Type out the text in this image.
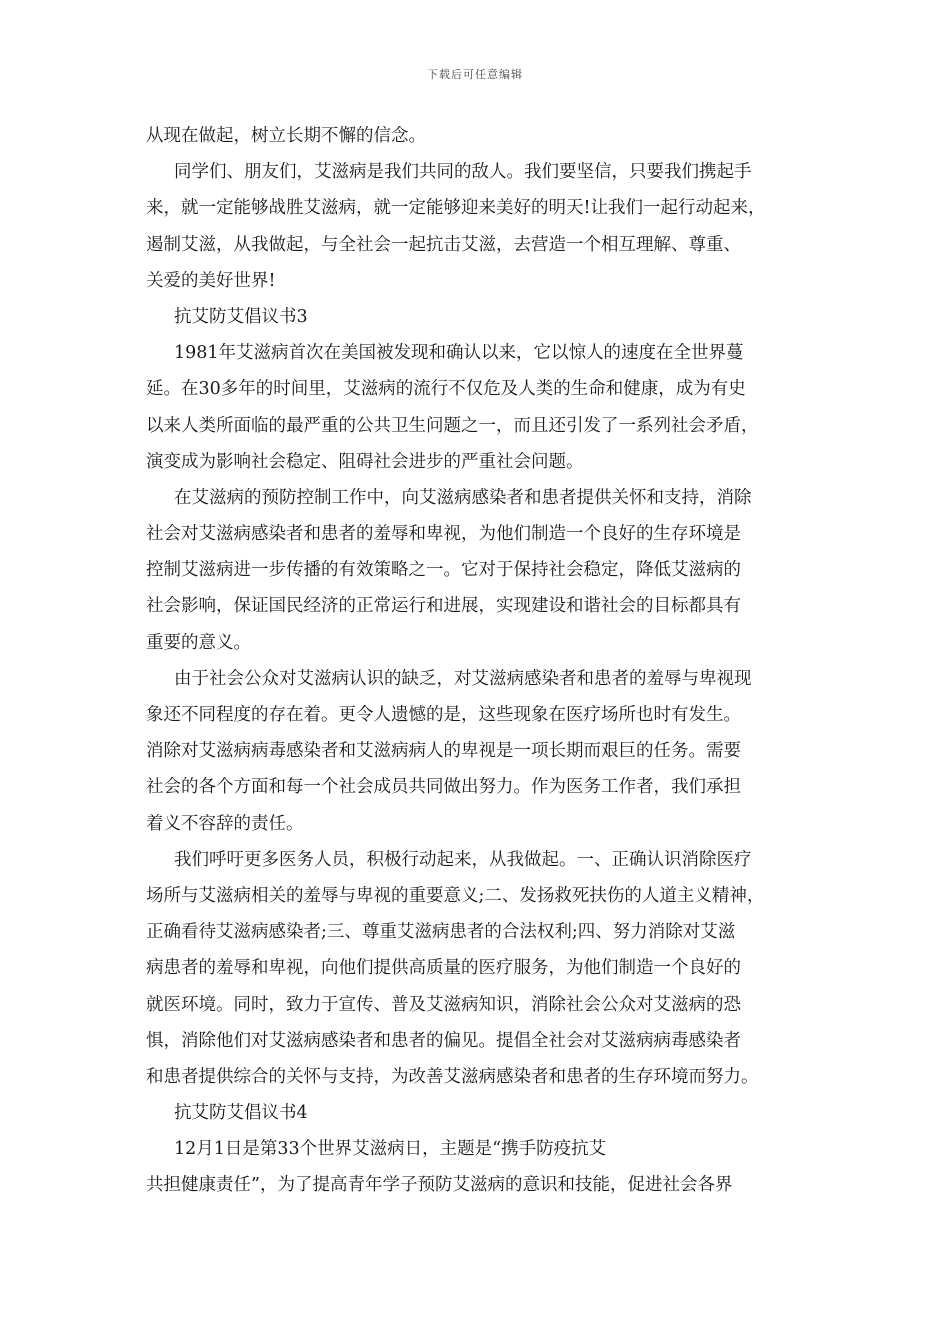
下载后可任意编辑
从现在做起，树立长期不懈的信念。
同学们、朋友们，艾滋病是我们共同的敌人。我们要坚信，只要我们携起手
来，就一定能够战胜艾滋病，就一定能够迎来美好的明天!让我们一起行动起来，
遏制艾滋，从我做起，与全社会一起抗击艾滋，去营造一个相互理解、尊重、
关爱的美好世界!
抗艾防艾倡议书3
1981年艾滋病首次在美国被发现和确认以来，它以惊人的速度在全世界蔓
延。在30多年的时间里，艾滋病的流行不仅危及人类的生命和健康，成为有史
以来人类所面临的最严重的公共卫生问题之一，而且还引发了一系列社会矛盾，
演变成为影响社会稳定、阻碍社会进步的严重社会问题。
在艾滋病的预防控制工作中，向艾滋病感染者和患者提供关怀和支持，消除
社会对艾滋病感染者和患者的羞辱和卑视，为他们制造一个良好的生存环境是
控制艾滋病进一步传播的有效策略之一。它对于保持社会稳定，降低艾滋病的
社会影响，保证国民经济的正常运行和进展，实现建设和谐社会的目标都具有
重要的意义。
由于社会公众对艾滋病认识的缺乏，对艾滋病感染者和患者的羞辱与卑视现
象还不同程度的存在着。更令人遗憾的是，这些现象在医疗场所也时有发生。
消除对艾滋病病毒感染者和艾滋病病人的卑视是一项长期而艰巨的任务。需要
社会的各个方面和每一个社会成员共同做出努力。作为医务工作者，我们承担
着义不容辞的责任。
我们呼吁更多医务人员，积极行动起来，从我做起。一、正确认识消除医疗
场所与艾滋病相关的羞辱与卑视的重要意义;二、发扬救死扶伤的人道主义精神，
正确看待艾滋病感染者;三、尊重艾滋病患者的合法权利;四、努力消除对艾滋
病患者的羞辱和卑视，向他们提供高质量的医疗服务，为他们制造一个良好的
就医环境。同时，致力于宣传、普及艾滋病知识，消除社会公众对艾滋病的恐
惧，消除他们对艾滋病感染者和患者的偏见。提倡全社会对艾滋病病毒感染者
和患者提供综合的关怀与支持，为改善艾滋病感染者和患者的生存环境而努力。
抗艾防艾倡议书4
12月1日是第33个世界艾滋病日，主题是“携手防疫抗艾
共担健康责任”，为了提高青年学子预防艾滋病的意识和技能，促进社会各界
